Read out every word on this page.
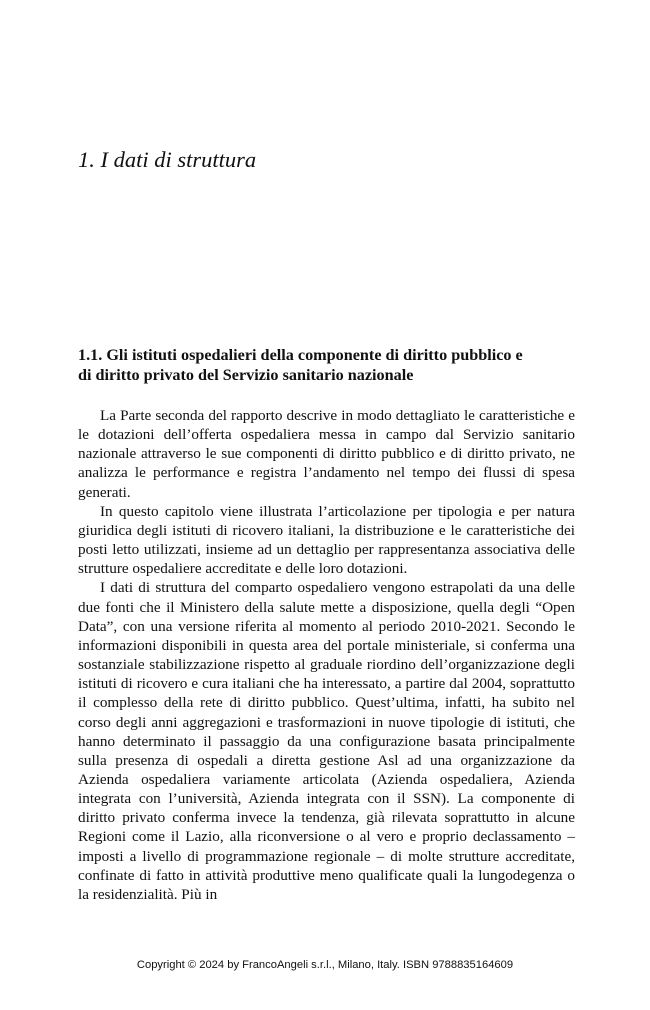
1. I dati di struttura
1.1. Gli istituti ospedalieri della componente di diritto pubblico e
di diritto privato del Servizio sanitario nazionale

La Parte seconda del rapporto descrive in modo dettagliato le caratteristiche e le dotazioni dell’offerta ospedaliera messa in campo dal Servizio sanitario nazionale attraverso le sue componenti di diritto pubblico e di diritto privato, ne analizza le performance e registra l’andamento nel tempo dei flussi di spesa generati.

In questo capitolo viene illustrata l’articolazione per tipologia e per natura giuridica degli istituti di ricovero italiani, la distribuzione e le caratteristiche dei posti letto utilizzati, insieme ad un dettaglio per rappresentanza associativa delle strutture ospedaliere accreditate e delle loro dotazioni.

I dati di struttura del comparto ospedaliero vengono estrapolati da una delle due fonti che il Ministero della salute mette a disposizione, quella degli “Open Data”, con una versione riferita al momento al periodo 2010-2021. Secondo le informazioni disponibili in questa area del portale ministeriale, si conferma una sostanziale stabilizzazione rispetto al graduale riordino dell’organizzazione degli istituti di ricovero e cura italiani che ha interessato, a partire dal 2004, soprattutto il complesso della rete di diritto pubblico. Quest’ultima, infatti, ha subito nel corso degli anni aggregazioni e trasformazioni in nuove tipologie di istituti, che hanno determinato il passaggio da una configurazione basata principalmente sulla presenza di ospedali a diretta gestione Asl ad una organizzazione da Azienda ospedaliera variamente articolata (Azienda ospedaliera, Azienda integrata con l’università, Azienda integrata con il SSN). La componente di diritto privato conferma invece la tendenza, già rilevata soprattutto in alcune Regioni come il Lazio, alla riconversione o al vero e proprio declassamento – imposti a livello di programmazione regionale – di molte strutture accreditate, confinate di fatto in attività produttive meno qualificate quali la lungodegenza o la residenzialità. Più in

Copyright © 2024 by FrancoAngeli s.r.l., Milano, Italy. ISBN 9788835164609
